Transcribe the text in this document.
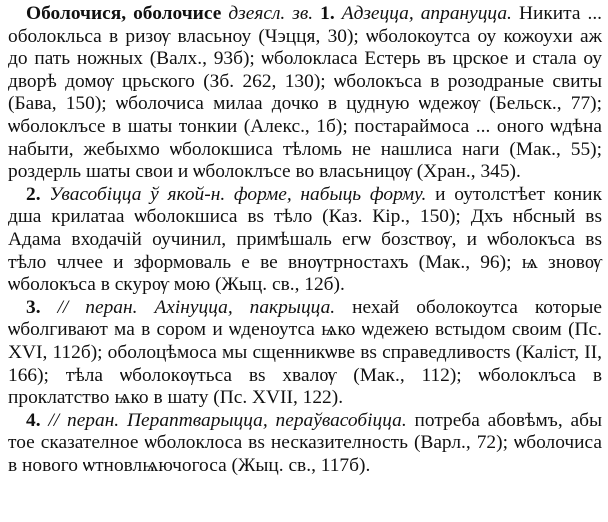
Оболочися, оболочисе дзеясл. зв. 1. Адзецца, апрануцца. Никита ... оболокльса в ризѹ власьноу (Чэцця, 30); ѡболокоутса оу кожоухи аж до пать ножных (Валх., 93б); ѡболокласа Естерь въ црское и стала оу дворѣ домѹ црьского (Зб. 262, 130); ѡболокъса в розодраные свиты (Бава, 150); ѡболочиса милаа дочко в цудную ѡдежѹ (Бельск., 77); ѡболоклъсе в шаты тонкии (Алекс., 1б); постараймоса ... оного ѡдѣна набыти, жебыхмо ѡболокшиса тѣломь не нашлиса наги (Мак., 55); роздерль шаты свои и ѡболоклъсе во власьницѹ (Хран., 345).

2. Увасобіцца ў якой-н. форме, набыць форму. и оутолстѣет коник дша крилатаа ѡболокшиса вs тѣло (Каз. Кір., 150); Дхъ нбсный вs Адама входачій оучинил, примѣшаль егѡ бозствѹ, и ѡболокъса вs тѣло члчее и зформоваль е ве внѹтрностахъ (Мак., 96); ѩ зновѹ ѡболокъса в скурѹ мою (Жыц. св., 12б).

3. // перан. Ахінуцца, пакрыцца. нехай оболокоутса которые ѡболгивают ма в сором и ѡденоутса ѩко ѡдежею встыдом своим (Пс. XVI, 112б); оболоцѣмоса мы сщенникѡве вs справедливостs (Каліст, II, 166); тѣла ѡболокѹтьса вs хвалѹ (Мак., 112); ѡболоклъса в проклатство ѩко в шату (Пс. XVII, 122).

4. // перан. Пераптварыцца, пераўвасобіцца. потреба абовѣмъ, абы тое сказателное ѡболоклоса вs несказителность (Варл., 72); ѡболочиса в нового ѡтновлѩючогоса (Жыц. св., 117б).
